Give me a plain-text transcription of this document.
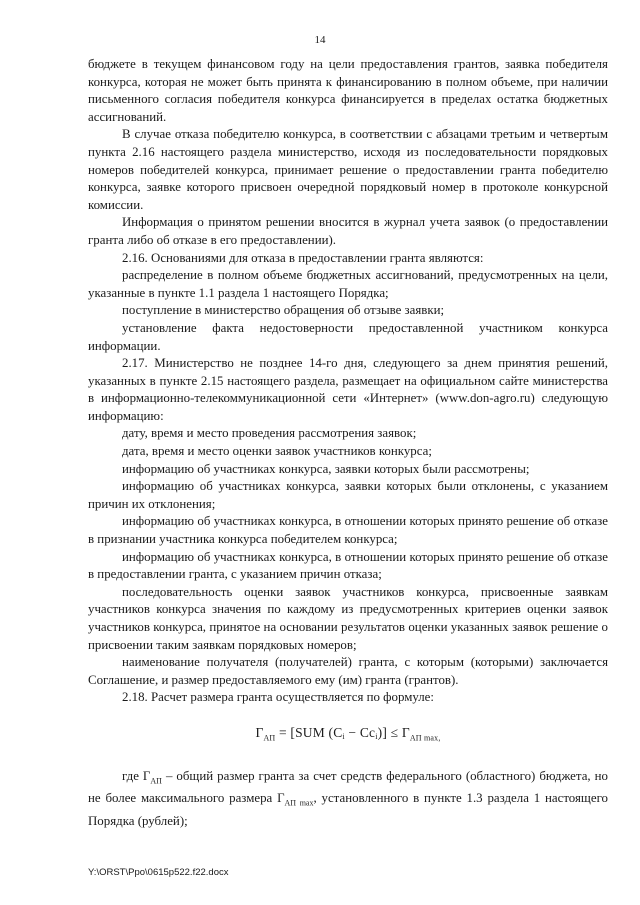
14

бюджете в текущем финансовом году на цели предоставления грантов, заявка победителя конкурса, которая не может быть принята к финансированию в полном объеме, при наличии письменного согласия победителя конкурса финансируется в пределах остатка бюджетных ассигнований.

В случае отказа победителю конкурса, в соответствии с абзацами третьим и четвертым пункта 2.16 настоящего раздела министерство, исходя из последовательности порядковых номеров победителей конкурса, принимает решение о предоставлении гранта победителю конкурса, заявке которого присвоен очередной порядковый номер в протоколе конкурсной комиссии.

Информация о принятом решении вносится в журнал учета заявок (о предоставлении гранта либо об отказе в его предоставлении).

2.16. Основаниями для отказа в предоставлении гранта являются:

распределение в полном объеме бюджетных ассигнований, предусмотренных на цели, указанные в пункте 1.1 раздела 1 настоящего Порядка;

поступление в министерство обращения об отзыве заявки;

установление факта недостоверности предоставленной участником конкурса информации.

2.17. Министерство не позднее 14-го дня, следующего за днем принятия решений, указанных в пункте 2.15 настоящего раздела, размещает на официальном сайте министерства в информационно-телекоммуникационной сети «Интернет» (www.don-agro.ru) следующую информацию:

дату, время и место проведения рассмотрения заявок;

дата, время и место оценки заявок участников конкурса;

информацию об участниках конкурса, заявки которых были рассмотрены;

информацию об участниках конкурса, заявки которых были отклонены, с указанием причин их отклонения;

информацию об участниках конкурса, в отношении которых принято решение об отказе в признании участника конкурса победителем конкурса;

информацию об участниках конкурса, в отношении которых принято решение об отказе в предоставлении гранта, с указанием причин отказа;

последовательность оценки заявок участников конкурса, присвоенные заявкам участников конкурса значения по каждому из предусмотренных критериев оценки заявок участников конкурса, принятое на основании результатов оценки указанных заявок решение о присвоении таким заявкам порядковых номеров;

наименование получателя (получателей) гранта, с которым (которыми) заключается Соглашение, и размер предоставляемого ему (им) гранта (грантов).

2.18. Расчет размера гранта осуществляется по формуле:

$Г_{АП} = [SUM$ $(Ci - Cci)] \le Г_{АП max,}$

где $Г_{АП}$ – общий размер гранта за счет средств федерального (областного) бюджета, но не более максимального размера $Г_{АП max}$, установленного в пункте 1.3 раздела 1 настоящего Порядка (рублей);

Y:\ORST\Ppo\0615p522.f22.docx
